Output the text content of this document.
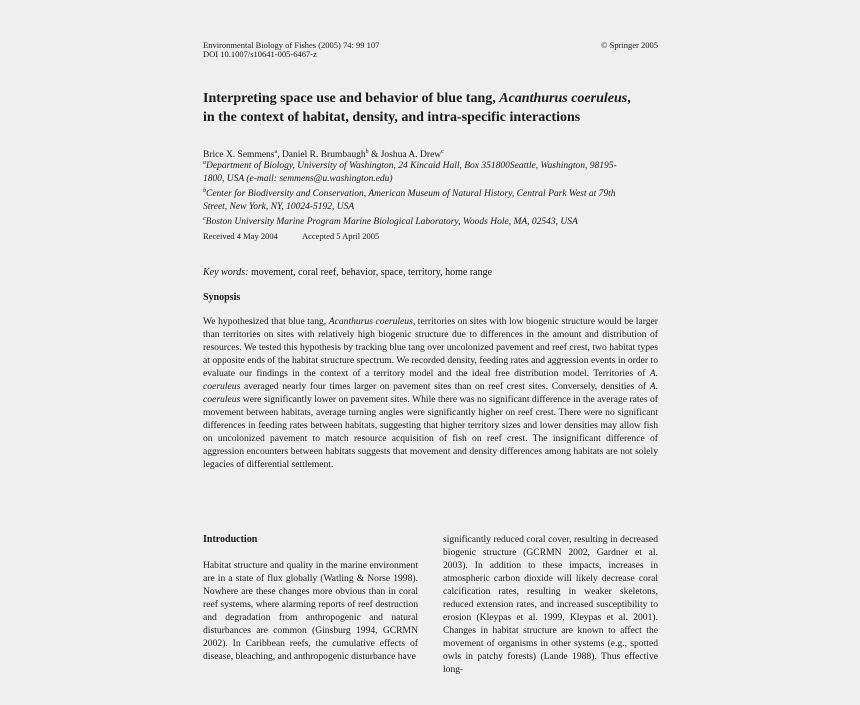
Environmental Biology of Fishes (2005) 74: 99 107
DOI 10.1007/s10641-005-6467-z
© Springer 2005
Interpreting space use and behavior of blue tang, Acanthurus coeruleus,
in the context of habitat, density, and intra-specific interactions
Brice X. Semmens$^a$, Daniel R. Brumbaugh$^b$ & Joshua A. Drew$^c$
$^a$Department of Biology, University of Washington, 24 Kincaid Hall, Box 351800Seattle, Washington, 98195-
1800, USA (e-mail: semmens@u.washington.edu)
$^b$Center for Biodiversity and Conservation, American Museum of Natural History, Central Park West at 79th
Street, New York, NY, 10024-5192, USA
$^c$Boston University Marine Program Marine Biological Laboratory, Woods Hole, MA, 02543, USA
Received 4 May 2004	Accepted 5 April 2005
Key words: movement, coral reef, behavior, space, territory, home range
Synopsis
We hypothesized that blue tang, Acanthurus coeruleus, territories on sites with low biogenic structure would be larger than territories on sites with relatively high biogenic structure due to differences in the amount and distribution of resources. We tested this hypothesis by tracking blue tang over uncolonized pavement and reef crest, two habitat types at opposite ends of the habitat structure spectrum. We recorded density, feeding rates and aggression events in order to evaluate our findings in the context of a territory model and the ideal free distribution model. Territories of A. coeruleus averaged nearly four times larger on pavement sites than on reef crest sites. Conversely, densities of A. coeruleus were significantly lower on pavement sites. While there was no significant difference in the average rates of movement between habitats, average turning angles were significantly higher on reef crest. There were no significant differences in feeding rates between habitats, suggesting that higher territory sizes and lower densities may allow fish on uncolonized pavement to match resource acquisition of fish on reef crest. The insignificant difference of aggression encounters between habitats suggests that movement and density differences among habitats are not solely legacies of differential settlement.
Introduction

Habitat structure and quality in the marine environment are in a state of flux globally (Watling & Norse 1998). Nowhere are these changes more obvious than in coral reef systems, where alarming reports of reef destruction and degradation from anthropogenic and natural disturbances are common (Ginsburg 1994, GCRMN 2002). In Caribbean reefs, the cumulative effects of disease, bleaching, and anthropogenic disturbance have

significantly reduced coral cover, resulting in decreased biogenic structure (GCRMN 2002, Gardner et al. 2003). In addition to these impacts, increases in atmospheric carbon dioxide will likely decrease coral calcification rates, resulting in weaker skeletons, reduced extension rates, and increased susceptibility to erosion (Kleypas et al. 1999, Kleypas et al. 2001). Changes in habitat structure are known to affect the movement of organisms in other systems (e.g., spotted owls in patchy forests) (Lande 1988). Thus effective long-
